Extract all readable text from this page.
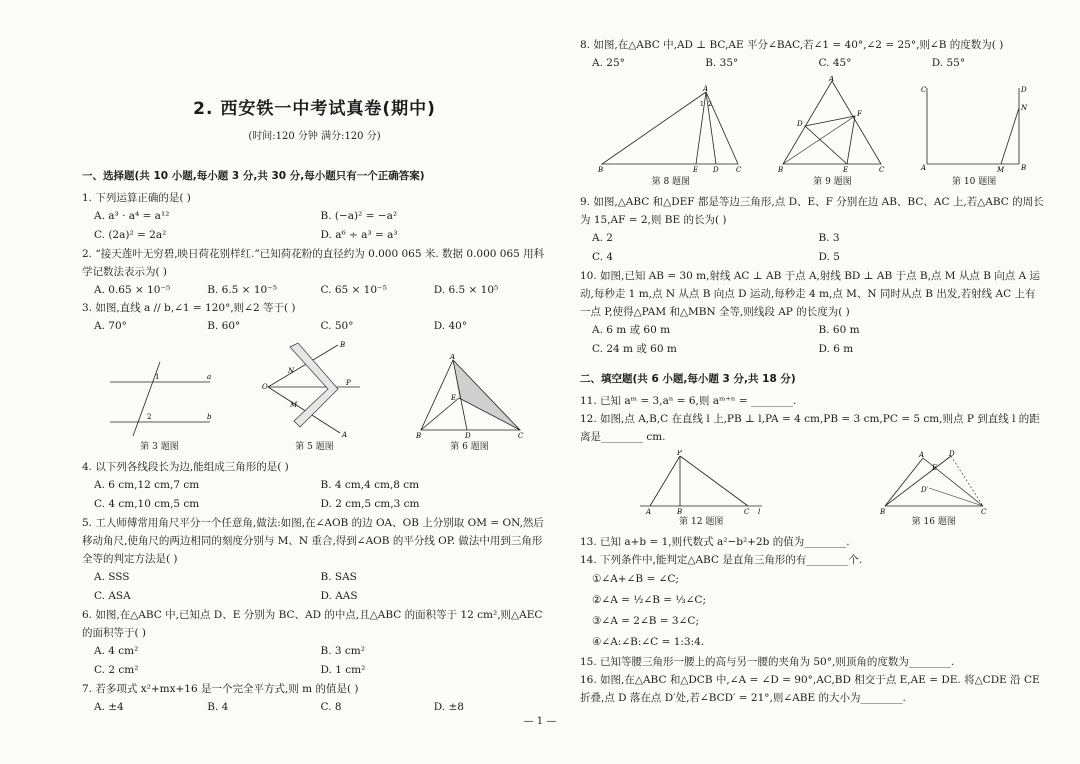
2. 西安铁一中考试真卷(期中)
(时间:120 分钟 满分:120 分)
一、选择题(共 10 小题,每小题 3 分,共 30 分,每小题只有一个正确答案)
1. 下列运算正确的是( )
A. a³ · a⁴ = a¹²	B. (−a)² = −a²
C. (2a)² = 2a²	D. a⁶ ÷ a³ = a³
2. “接天莲叶无穷碧,映日荷花别样红.”已知荷花粉的直径约为 0.000 065 米. 数据 0.000 065 用科学记数法表示为( )
A. 0.65 × 10⁻⁵	B. 6.5 × 10⁻⁵	C. 65 × 10⁻⁵	D. 6.5 × 10⁵
3. 如图,直线 a // b,∠1 = 120°,则∠2 等于( )
A. 70°	B. 60°	C. 50°	D. 40°
a
b
1
2
第 3 题图
O
B
A
P
N
M
第 5 题图
A
B	D	C
E
第 6 题图
4. 以下列各线段长为边,能组成三角形的是( )
A. 6 cm,12 cm,7 cm	B. 4 cm,4 cm,8 cm
C. 4 cm,10 cm,5 cm	D. 2 cm,5 cm,3 cm
5. 工人师傅常用角尺平分一个任意角,做法:如图,在∠AOB 的边 OA、OB 上分别取 OM = ON,然后移动角尺,使角尺的两边相同的刻度分别与 M、N 重合,得到∠AOB 的平分线 OP. 做法中用到三角形全等的判定方法是( )
A. SSS	B. SAS
C. ASA	D. AAS
6. 如图,在△ABC 中,已知点 D、E 分别为 BC、AD 的中点,且△ABC 的面积等于 12 cm²,则△AEC 的面积等于( )
A. 4 cm²	B. 3 cm²
C. 2 cm²	D. 1 cm²
7. 若多项式 x²+mx+16 是一个完全平方式,则 m 的值是( )
A. ±4	B. 4	C. 8	D. ±8
8. 如图,在△ABC 中,AD ⊥ BC,AE 平分∠BAC,若∠1 = 40°,∠2 = 25°,则∠B 的度数为( )
A. 25°	B. 35°	C. 45°	D. 55°
A
B	E D C
1 2
第 8 题图
A
B	C
D
F
E
第 9 题图
C
A
D
N
B
M
第 10 题图
9. 如图,△ABC 和△DEF 都是等边三角形,点 D、E、F 分别在边 AB、BC、AC 上,若△ABC 的周长为 15,AF = 2,则 BE 的长为( )
A. 2	B. 3
C. 4	D. 5
10. 如图,已知 AB = 30 m,射线 AC ⊥ AB 于点 A,射线 BD ⊥ AB 于点 B,点 M 从点 B 向点 A 运动,每秒走 1 m,点 N 从点 B 向点 D 运动,每秒走 4 m,点 M、N 同时从点 B 出发,若射线 AC 上有一点 P,使得△PAM 和△MBN 全等,则线段 AP 的长度为( )
A. 6 m 或 60 m	B. 60 m
C. 24 m 或 60 m	D. 6 m
二、填空题(共 6 小题,每小题 3 分,共 18 分)
11. 已知 aᵐ = 3,aⁿ = 6,则 aᵐ⁺ⁿ = ________.
12. 如图,点 A,B,C 在直线 l 上,PB ⊥ l,PA = 4 cm,PB = 3 cm,PC = 5 cm,则点 P 到直线 l 的距离是________ cm.
P
A	B	C l
第 12 题图
A	D
E
D′
B	C
第 16 题图
13. 已知 a+b = 1,则代数式 a²−b²+2b 的值为________.
14. 下列条件中,能判定△ABC 是直角三角形的有________个.
①∠A+∠B = ∠C;
②∠A = ½∠B = ⅓∠C;
③∠A = 2∠B = 3∠C;
④∠A:∠B:∠C = 1:3:4.
15. 已知等腰三角形一腰上的高与另一腰的夹角为 50°,则顶角的度数为________.
16. 如图,在△ABC 和△DCB 中,∠A = ∠D = 90°,AC,BD 相交于点 E,AE = DE. 将△CDE 沿 CE 折叠,点 D 落在点 D′处,若∠BCD′ = 21°,则∠ABE 的大小为________.
— 1 —
